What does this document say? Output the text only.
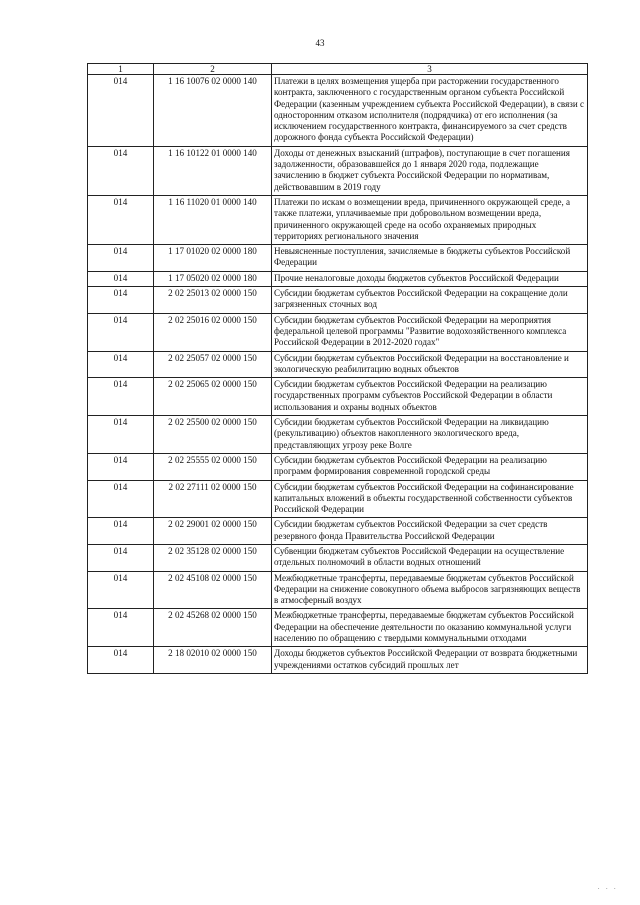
43
1	2	3
014	1 16 10076 02 0000 140	Платежи в целях возмещения ущерба при расторжении государственного контракта, заключенного с государственным органом субъекта Российской Федерации (казенным учреждением субъекта Российской Федерации), в связи с односторонним отказом исполнителя (подрядчика) от его исполнения (за исключением государственного контракта, финансируемого за счет средств дорожного фонда субъекта Российской Федерации)
014	1 16 10122 01 0000 140	Доходы от денежных взысканий (штрафов), поступающие в счет погашения задолженности, образовавшейся до 1 января 2020 года, подлежащие зачислению в бюджет субъекта Российской Федерации по нормативам, действовавшим в 2019 году
014	1 16 11020 01 0000 140	Платежи по искам о возмещении вреда, причиненного окружающей среде, а также платежи, уплачиваемые при добровольном возмещении вреда, причиненного окружающей среде на особо охраняемых природных территориях регионального значения
014	1 17 01020 02 0000 180	Невыясненные поступления, зачисляемые в бюджеты субъектов Российской Федерации
014	1 17 05020 02 0000 180	Прочие неналоговые доходы бюджетов субъектов Российской Федерации
014	2 02 25013 02 0000 150	Субсидии бюджетам субъектов Российской Федерации на сокращение доли загрязненных сточных вод
014	2 02 25016 02 0000 150	Субсидии бюджетам субъектов Российской Федерации на мероприятия федеральной целевой программы "Развитие водохозяйственного комплекса Российской Федерации в 2012-2020 годах"
014	2 02 25057 02 0000 150	Субсидии бюджетам субъектов Российской Федерации на восстановление и экологическую реабилитацию водных объектов
014	2 02 25065 02 0000 150	Субсидии бюджетам субъектов Российской Федерации на реализацию государственных программ субъектов Российской Федерации в области использования и охраны водных объектов
014	2 02 25500 02 0000 150	Субсидии бюджетам субъектов Российской Федерации на ликвидацию (рекультивацию) объектов накопленного экологического вреда, представляющих угрозу реке Волге
014	2 02 25555 02 0000 150	Субсидии бюджетам субъектов Российской Федерации на реализацию программ формирования современной городской среды
014	2 02 27111 02 0000 150	Субсидии бюджетам субъектов Российской Федерации на софинансирование капитальных вложений в объекты государственной собственности субъектов Российской Федерации
014	2 02 29001 02 0000 150	Субсидии бюджетам субъектов Российской Федерации за счет средств резервного фонда Правительства Российской Федерации
014	2 02 35128 02 0000 150	Субвенции бюджетам субъектов Российской Федерации на осуществление отдельных полномочий в области водных отношений
014	2 02 45108 02 0000 150	Межбюджетные трансферты, передаваемые бюджетам субъектов Российской Федерации на снижение совокупного объема выбросов загрязняющих веществ в атмосферный воздух
014	2 02 45268 02 0000 150	Межбюджетные трансферты, передаваемые бюджетам субъектов Российской Федерации на обеспечение деятельности по оказанию коммунальной услуги населению по обращению с твердыми коммунальными отходами
014	2 18 02010 02 0000 150	Доходы бюджетов субъектов Российской Федерации от возврата бюджетными учреждениями остатков субсидий прошлых лет
· · ·
